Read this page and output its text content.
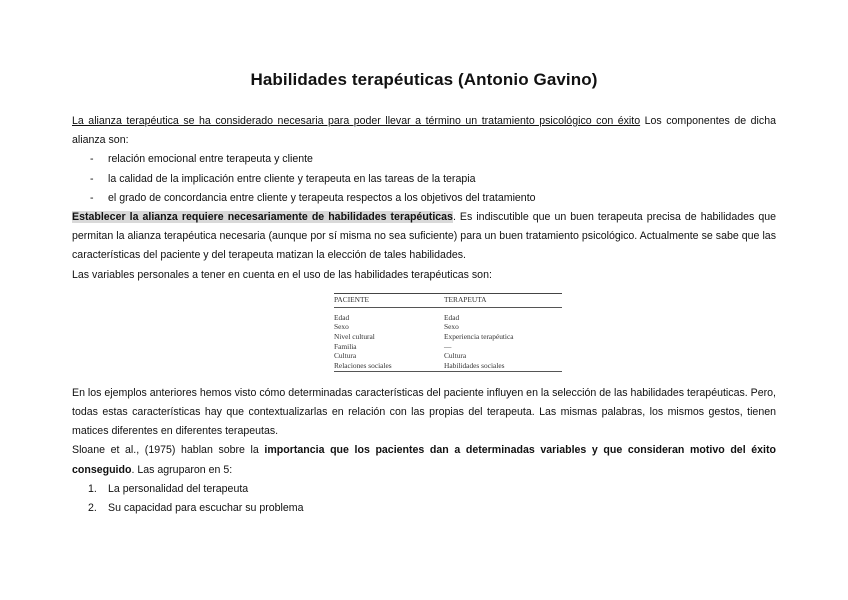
Habilidades terapéuticas (Antonio Gavino)

La alianza terapéutica se ha considerado necesaria para poder llevar a término un tratamiento psicológico con éxito Los componentes de dicha alianza son:

- relación emocional entre terapeuta y cliente
- la calidad de la implicación entre cliente y terapeuta en las tareas de la terapia
- el grado de concordancia entre cliente y terapeuta respectos a los objetivos del tratamiento

Establecer la alianza requiere necesariamente de habilidades terapéuticas. Es indiscutible que un buen terapeuta precisa de habilidades que permitan la alianza terapéutica necesaria (aunque por sí misma no sea suficiente) para un buen tratamiento psicológico. Actualmente se sabe que las características del paciente y del terapeuta matizan la elección de tales habilidades.

Las variables personales a tener en cuenta en el uso de las habilidades terapéuticas son:

PACIENTE	TERAPEUTA
Edad	Edad
Sexo	Sexo
Nivel cultural	Experiencia terapéutica
Familia	—
Cultura	Cultura
Relaciones sociales	Habilidades sociales

En los ejemplos anteriores hemos visto cómo determinadas características del paciente influyen en la selección de las habilidades terapéuticas. Pero, todas estas características hay que contextualizarlas en relación con las propias del terapeuta. Las mismas palabras, los mismos gestos, tienen matices diferentes en diferentes terapeutas.

Sloane et al., (1975) hablan sobre la importancia que los pacientes dan a determinadas variables y que consideran motivo del éxito conseguido. Las agruparon en 5:

1. La personalidad del terapeuta
2. Su capacidad para escuchar su problema
